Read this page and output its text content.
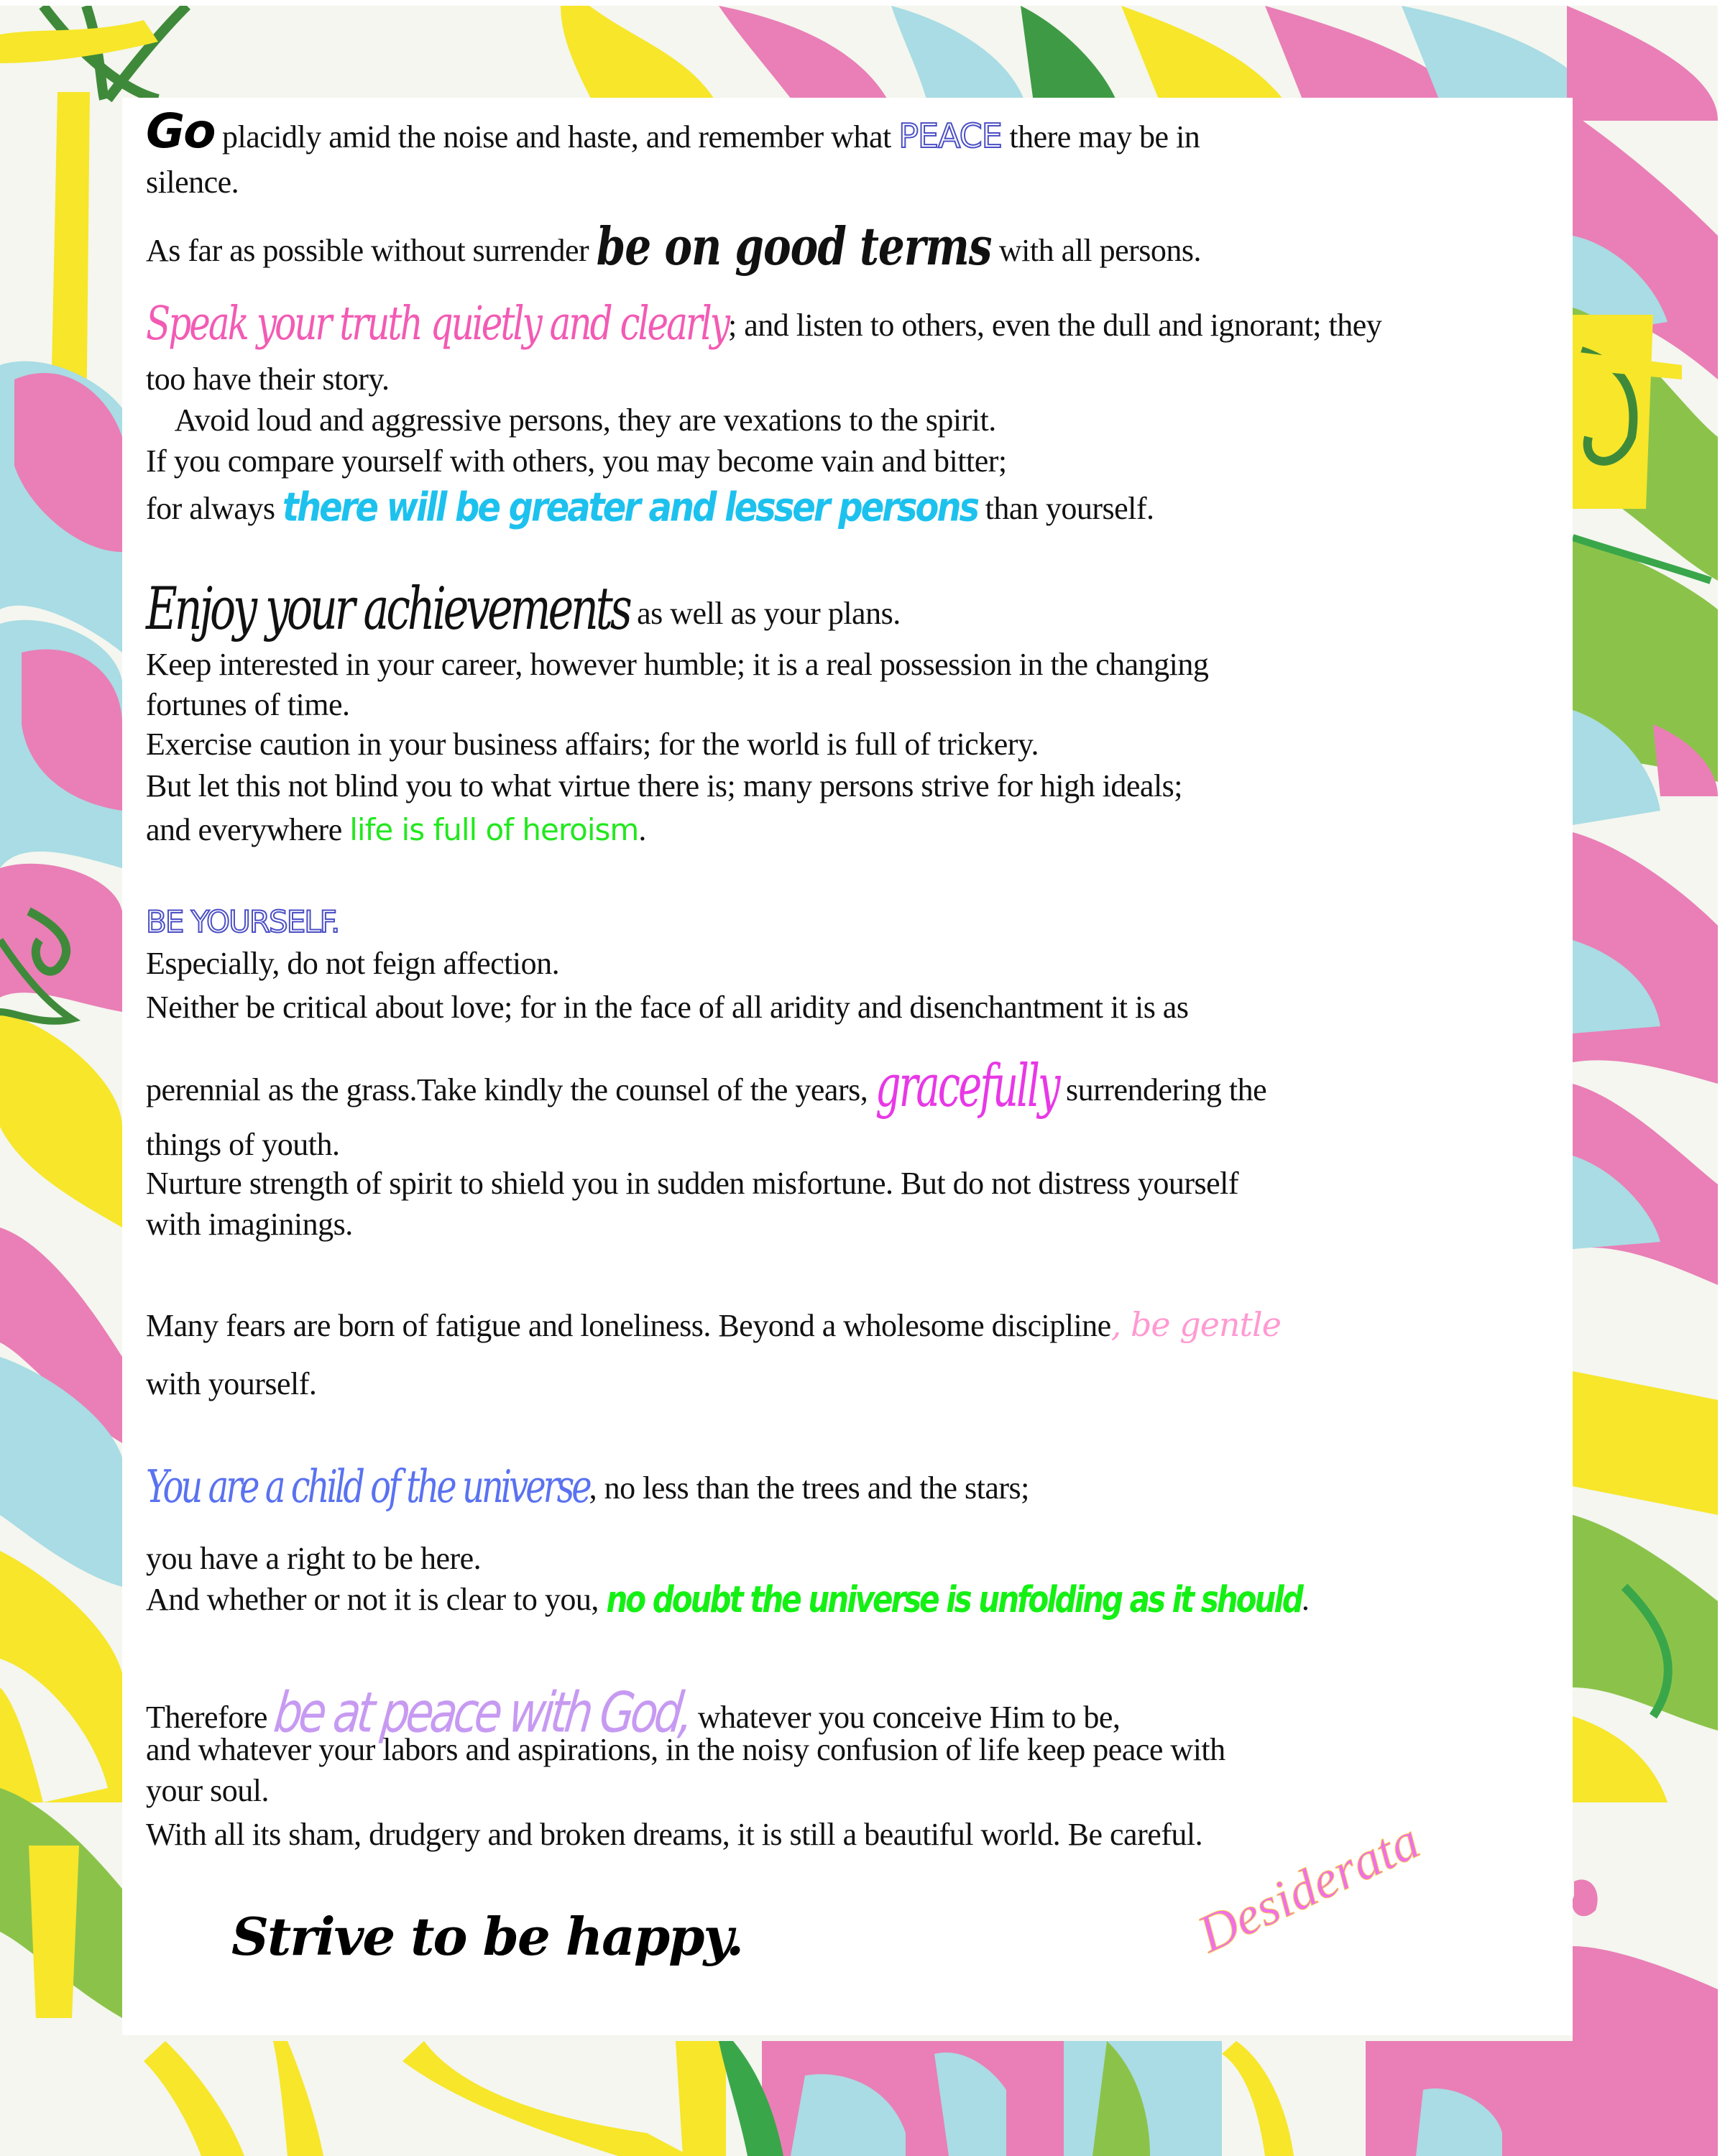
Go placidly amid the noise and haste, and remember what PEACE there may be in
silence.
As far as possible without surrender be on good terms with all persons.
Speak your truth quietly and clearly; and listen to others, even the dull and ignorant; they
too have their story.
Avoid loud and aggressive persons, they are vexations to the spirit.
If you compare yourself with others, you may become vain and bitter;
for always there will be greater and lesser persons than yourself.
Enjoy your achievements as well as your plans.
Keep interested in your career, however humble; it is a real possession in the changing
fortunes of time.
Exercise caution in your business affairs; for the world is full of trickery.
But let this not blind you to what virtue there is; many persons strive for high ideals;
and everywhere life is full of heroism.
BE YOURSELF.
Especially, do not feign affection.
Neither be critical about love; for in the face of all aridity and disenchantment it is as
perennial as the grass.Take kindly the counsel of the years, gracefully surrendering the
things of youth.
Nurture strength of spirit to shield you in sudden misfortune. But do not distress yourself
with imaginings.
Many fears are born of fatigue and loneliness. Beyond a wholesome discipline, be gentle
with yourself.
You are a child of the universe, no less than the trees and the stars;
you have a right to be here.
And whether or not it is clear to you, no doubt the universe is unfolding as it should.
Therefore be at peace with God, whatever you conceive Him to be,
and whatever your labors and aspirations, in the noisy confusion of life keep peace with
your soul.
With all its sham, drudgery and broken dreams, it is still a beautiful world. Be careful.
Strive to be happy.	Desiderata
